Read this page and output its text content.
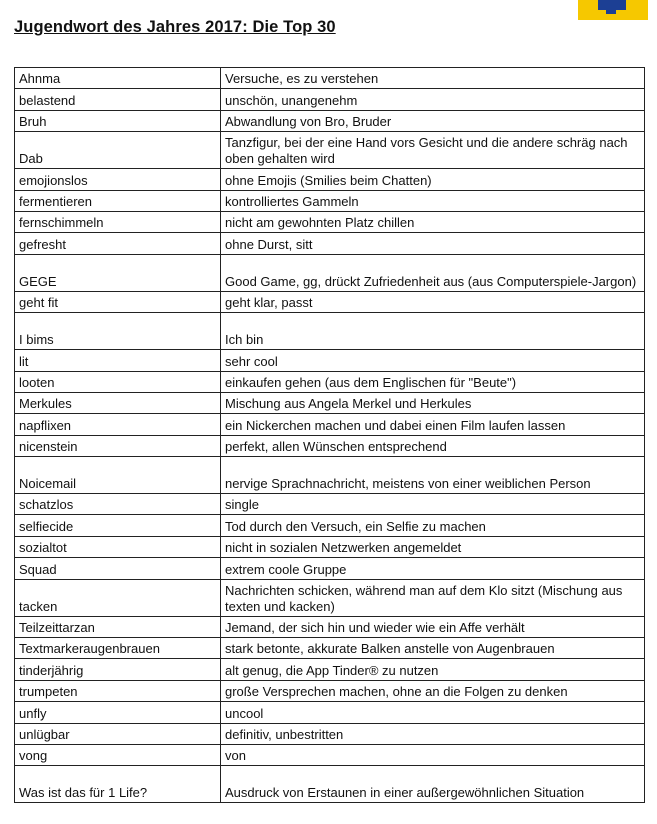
Jugendwort des Jahres 2017: Die Top 30
Ahnma	Versuche, es zu verstehen

belastend	unschön, unangenehm

Bruh	Abwandlung von Bro, Bruder

Dab	Tanzfigur, bei der eine Hand vors Gesicht und die andere schräg nach oben gehalten wird

emojionslos	ohne Emojis (Smilies beim Chatten)

fermentieren	kontrolliertes Gammeln

fernschimmeln	nicht am gewohnten Platz chillen

gefresht	ohne Durst, sitt

GEGE	Good Game, gg, drückt Zufriedenheit aus (aus Computerspiele-Jargon)

geht fit	geht klar, passt

I bims	Ich bin

lit	sehr cool

looten	einkaufen gehen (aus dem Englischen für "Beute")

Merkules	Mischung aus Angela Merkel und Herkules

napflixen	ein Nickerchen machen und dabei einen Film laufen lassen

nicenstein	perfekt, allen Wünschen entsprechend

Noicemail	nervige Sprachnachricht, meistens von einer weiblichen Person

schatzlos	single

selfiecide	Tod durch den Versuch, ein Selfie zu machen

sozialtot	nicht in sozialen Netzwerken angemeldet

Squad	extrem coole Gruppe

tacken	Nachrichten schicken, während man auf dem Klo sitzt (Mischung aus texten und kacken)

Teilzeittarzan	Jemand, der sich hin und wieder wie ein Affe verhält

Textmarkeraugenbrauen	stark betonte, akkurate Balken anstelle von Augenbrauen

tinderjährig	alt genug, die App Tinder® zu nutzen

trumpeten	große Versprechen machen, ohne an die Folgen zu denken

unfly	uncool

unlügbar	definitiv, unbestritten

vong	von

Was ist das für 1 Life?	Ausdruck von Erstaunen in einer außergewöhnlichen Situation
